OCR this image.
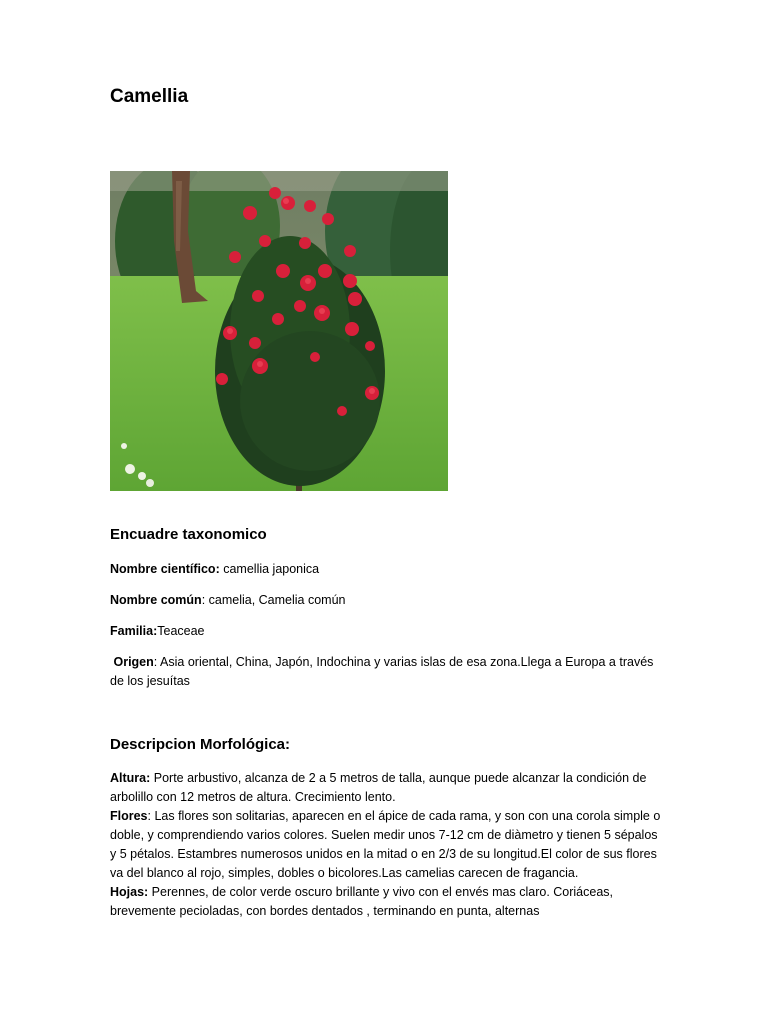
Camellia
Encuadre taxonomico

Nombre científico: camellia japonica

Nombre común: camelia, Camelia común

Familia:Teaceae

Origen: Asia oriental, China, Japón, Indochina y varias islas de esa zona.Llega a Europa a través de los jesuítas

Descripcion Morfológica:
Altura: Porte arbustivo, alcanza de 2 a 5 metros de talla, aunque puede alcanzar la condición de arbolillo con 12 metros de altura. Crecimiento lento.
Flores: Las flores son solitarias, aparecen en el ápice de cada rama, y son con una corola simple o doble, y comprendiendo varios colores. Suelen medir unos 7-12 cm de diàmetro y tienen 5 sépalos y 5 pétalos. Estambres numerosos unidos en la mitad o en 2/3 de su longitud.El color de sus flores va del blanco al rojo, simples, dobles o bicolores.Las camelias carecen de fragancia.
Hojas: Perennes, de color verde oscuro brillante y vivo con el envés mas claro. Coriáceas, brevemente pecioladas, con bordes dentados , terminando en punta, alternas
